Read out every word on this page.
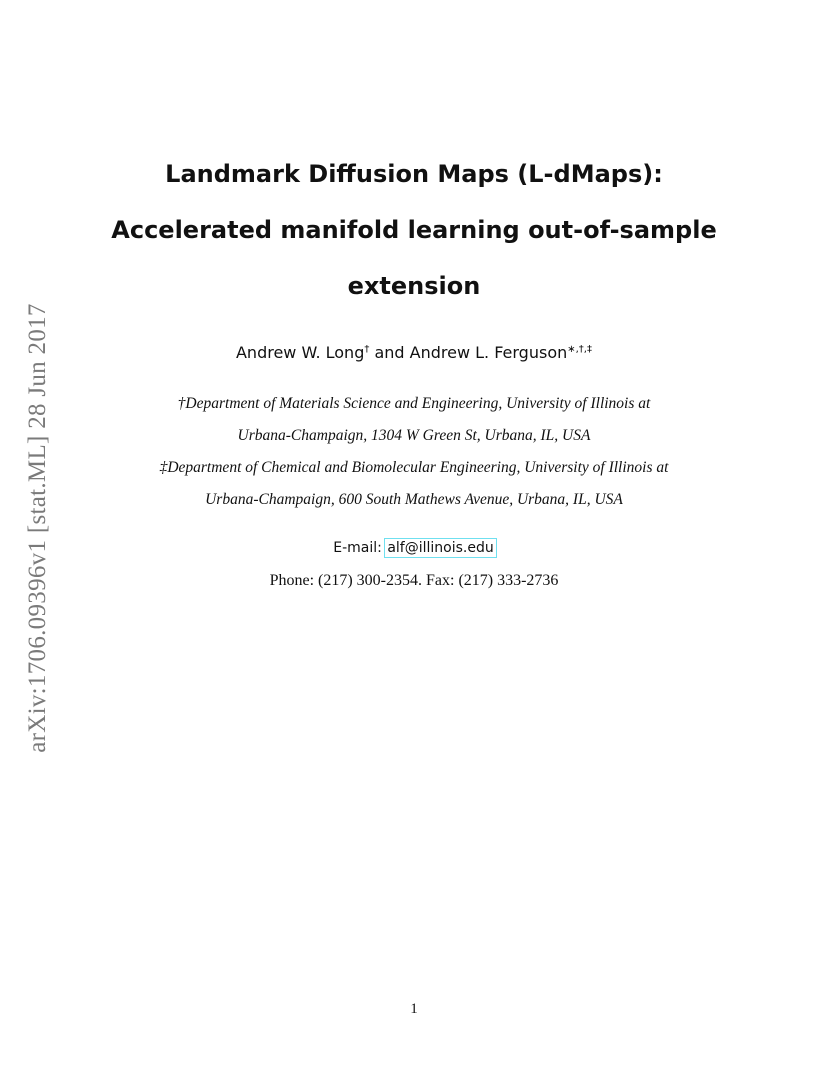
arXiv:1706.09396v1 [stat.ML] 28 Jun 2017
Landmark Diffusion Maps (L-dMaps):
Accelerated manifold learning out-of-sample
extension
Andrew W. Long† and Andrew L. Ferguson∗,†,‡
†Department of Materials Science and Engineering, University of Illinois at
Urbana-Champaign, 1304 W Green St, Urbana, IL, USA
‡Department of Chemical and Biomolecular Engineering, University of Illinois at
Urbana-Champaign, 600 South Mathews Avenue, Urbana, IL, USA
E-mail: alf@illinois.edu
Phone: (217) 300-2354. Fax: (217) 333-2736
1
